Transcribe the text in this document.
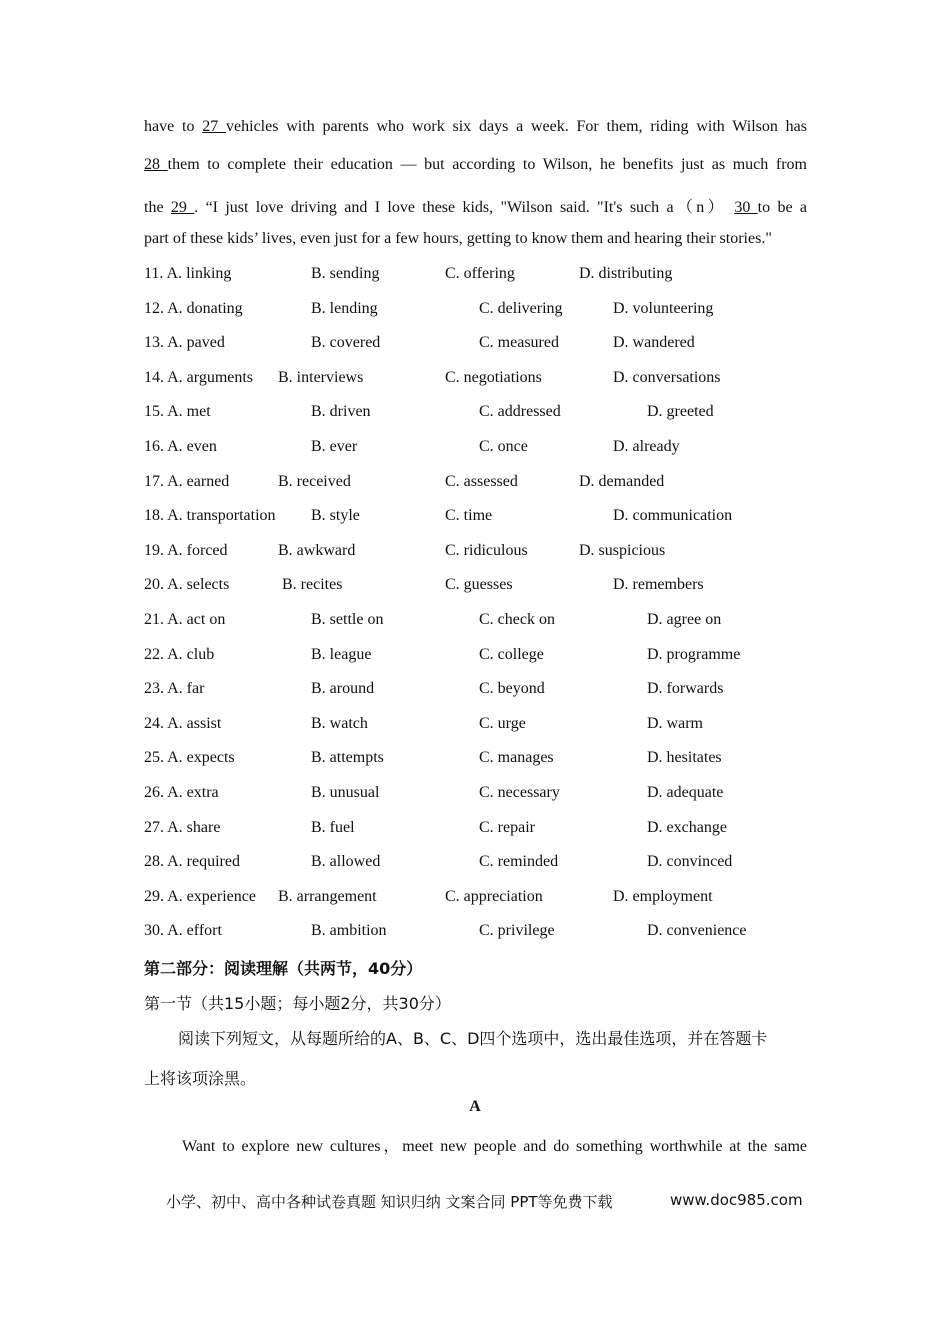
have to 27 vehicles with parents who work six days a week. For them, riding with Wilson has
28 them to complete their education — but according to Wilson, he benefits just as much from
the 29 . “I just love driving and I love these kids, "Wilson said. "It's such a（n） 30 to be a
part of these kids’ lives, even just for a few hours, getting to know them and hearing their stories."
11. A. linking	B. sending	C. offering	D. distributing
12. A. donating	B. lending	C. delivering	D. volunteering
13. A. paved	B. covered	C. measured	D. wandered
14. A. arguments B. interviews	C. negotiations	D. conversations
15. A. met	B. driven	C. addressed	D. greeted
16. A. even	B. ever	C. once	D. already
17. A. earned	B. received	C. assessed	D. demanded
18. A. transportation B. style	C. time	D. communication
19. A. forced	B. awkward	C. ridiculous	D. suspicious
20. A. selects	B. recites	C. guesses	D. remembers
21. A. act on	B. settle on	C. check on	D. agree on
22. A. club	B. league	C. college	D. programme
23. A. far	B. around	C. beyond	D. forwards
24. A. assist	B. watch	C. urge	D. warm
25. A. expects	B. attempts	C. manages	D. hesitates
26. A. extra	B. unusual	C. necessary	D. adequate
27. A. share	B. fuel	C. repair	D. exchange
28. A. required	B. allowed	C. reminded	D. convinced
29. A. experience B. arrangement	C. appreciation	D. employment
30. A. effort	B. ambition	C. privilege	D. convenience
第二部分：阅读理解（共两节，40分）
第一节（共15小题；每小题2分，共30分）
阅读下列短文，从每题所给的A、B、C、D四个选项中，选出最佳选项，并在答题卡
上将该项涂黑。
A
Want to explore new cultures，meet new people and do something worthwhile at the same
小学、初中、高中各种试卷真题 知识归纳 文案合同 PPT等免费下载	www.doc985.com
